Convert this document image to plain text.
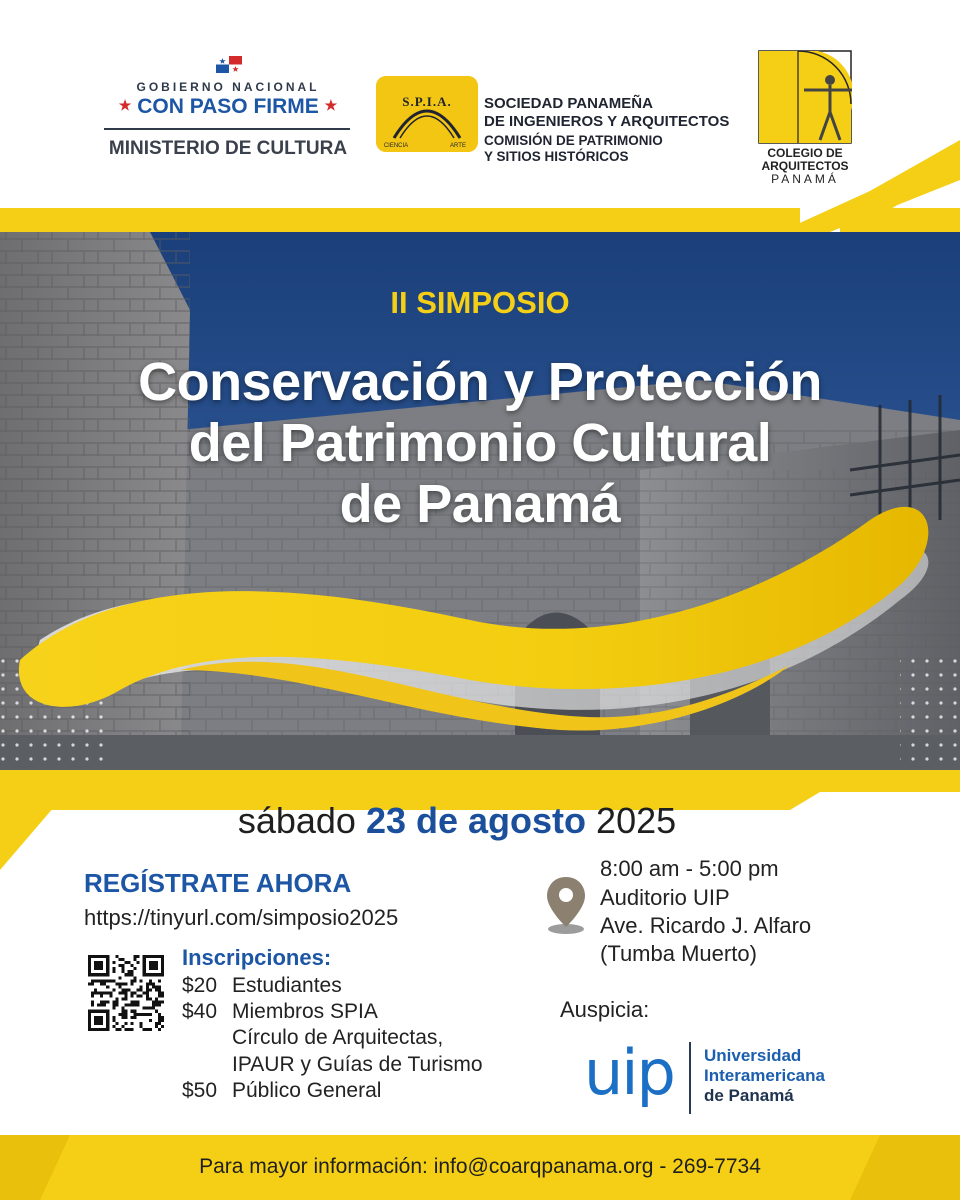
GOBIERNO NACIONAL
★ CON PASO FIRME ★
MINISTERIO DE CULTURA
S.P.I.A.
CIENCIA	ARTE
SOCIEDAD PANAMEÑA
DE INGENIEROS Y ARQUITECTOS
COMISIÓN DE PATRIMONIO
Y SITIOS HISTÓRICOS	COLEGIO DE
ARQUITECTOS
PANAMÁ
II SIMPOSIO
Conservación y Protección
del Patrimonio Cultural
de Panamá
sábado 23 de agosto 2025
REGÍSTRATE AHORA
https://tinyurl.com/simposio2025
Inscripciones:
$20 Estudiantes
$40 Miembros SPIA
Círculo de Arquitectas,
IPAUR y Guías de Turismo
$50 Público General
8:00 am - 5:00 pm
Auditorio UIP
Ave. Ricardo J. Alfaro
(Tumba Muerto)
Auspicia:
uip Universidad
Interamericana
de Panamá
Para mayor información: info@coarqpanama.org - 269-7734
